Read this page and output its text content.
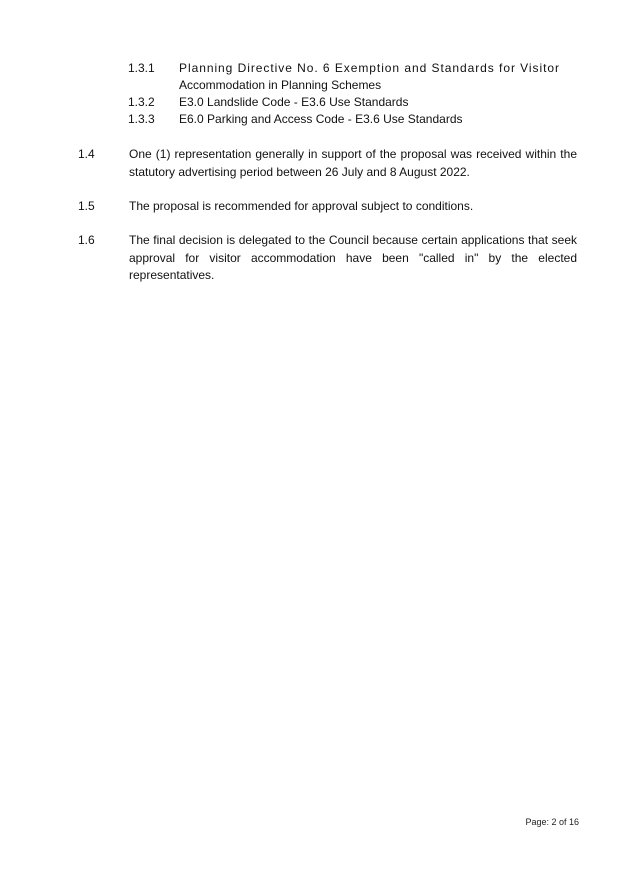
1.3.1 Planning Directive No. 6 Exemption and Standards for Visitor
Accommodation in Planning Schemes
1.3.2 E3.0 Landslide Code - E3.6 Use Standards
1.3.3 E6.0 Parking and Access Code - E3.6 Use Standards
1.4	One (1) representation generally in support of the proposal was received within the statutory advertising period between 26 July and 8 August 2022.
1.5	The proposal is recommended for approval subject to conditions.
1.6	The final decision is delegated to the Council because certain applications that seek approval for visitor accommodation have been "called in" by the elected representatives.
Page: 2 of 16
